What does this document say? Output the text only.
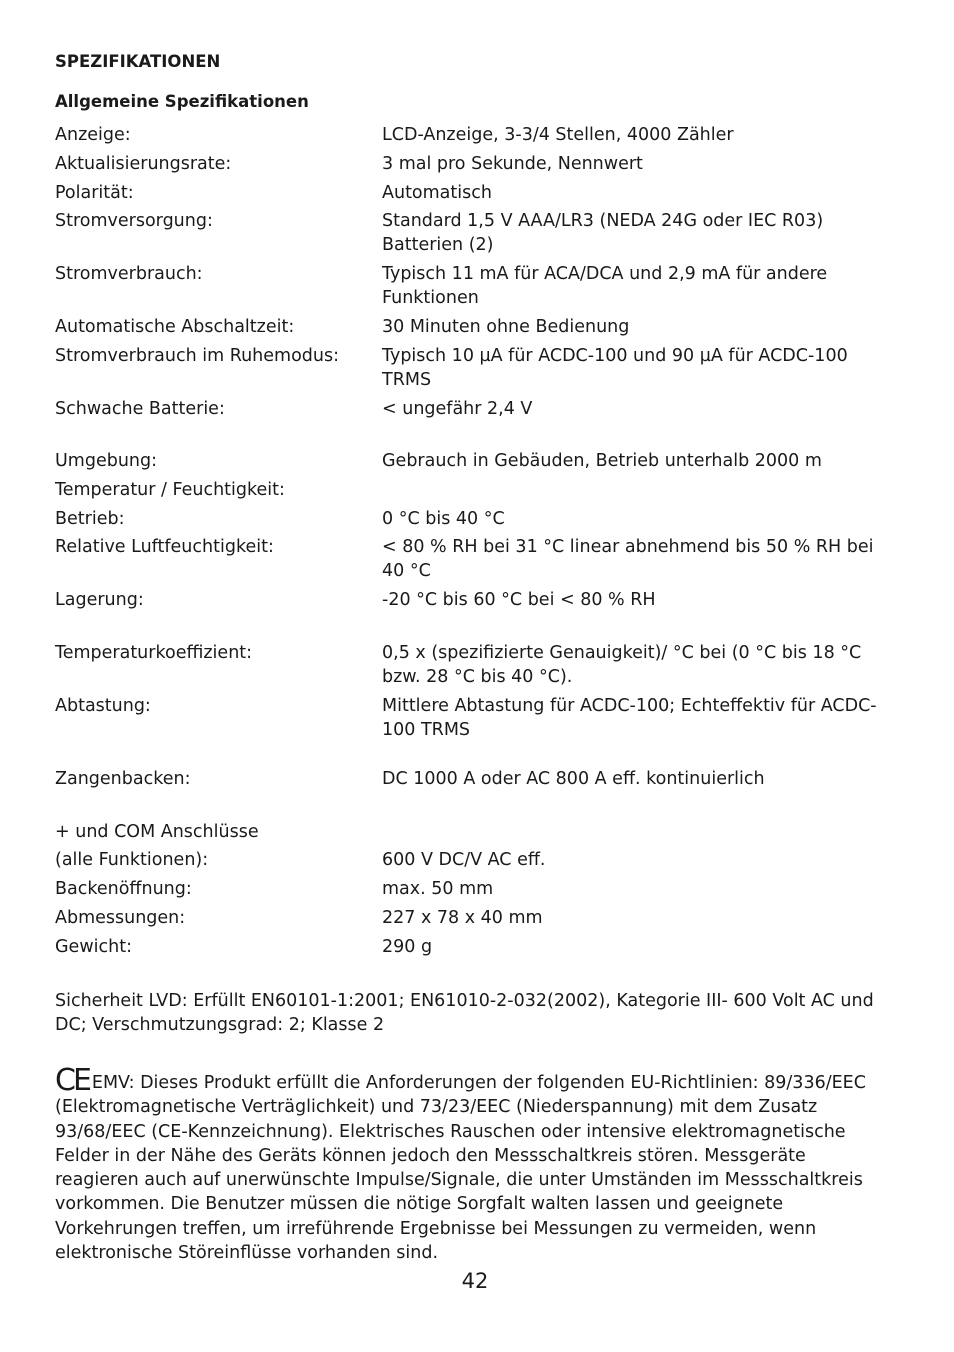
SPEZIFIKATIONEN
Allgemeine Spezifikationen
Anzeige:	LCD-Anzeige, 3-3/4 Stellen, 4000 Zähler
Aktualisierungsrate:	3 mal pro Sekunde, Nennwert
Polarität:	Automatisch
Stromversorgung:	Standard 1,5 V AAA/LR3 (NEDA 24G oder IEC R03) Batterien (2)
Stromverbrauch:	Typisch 11 mA für ACA/DCA und 2,9 mA für andere Funktionen
Automatische Abschaltzeit:	30 Minuten ohne Bedienung
Stromverbrauch im Ruhemodus:	Typisch 10 µA für ACDC-100 und 90 µA für ACDC-100 TRMS
Schwache Batterie:	< ungefähr 2,4 V
Umgebung:	Gebrauch in Gebäuden, Betrieb unterhalb 2000 m
Temperatur / Feuchtigkeit:
Betrieb:	0 °C bis 40 °C
Relative Luftfeuchtigkeit:	< 80 % RH bei 31 °C linear abnehmend bis 50 % RH bei 40 °C
Lagerung:	-20 °C bis 60 °C bei < 80 % RH
Temperaturkoeffizient:	0,5 x (spezifizierte Genauigkeit)/ °C bei (0 °C bis 18 °C bzw. 28 °C bis 40 °C).
Abtastung:	Mittlere Abtastung für ACDC-100; Echteffektiv für ACDC-100 TRMS
Zangenbacken:	DC 1000 A oder AC 800 A eff. kontinuierlich
+ und COM Anschlüsse
(alle Funktionen):	600 V DC/V AC eff.
Backenöffnung:	max. 50 mm
Abmessungen:	227 x 78 x 40 mm
Gewicht:	290 g
Sicherheit LVD: Erfüllt EN60101-1:2001; EN61010-2-032(2002), Kategorie III- 600 Volt AC und DC; Verschmutzungsgrad: 2; Klasse 2
CE EMV: Dieses Produkt erfüllt die Anforderungen der folgenden EU-Richtlinien: 89/336/EEC (Elektromagnetische Verträglichkeit) und 73/23/EEC (Niederspannung) mit dem Zusatz 93/68/EEC (CE-Kennzeichnung). Elektrisches Rauschen oder intensive elektromagnetische Felder in der Nähe des Geräts können jedoch den Messschaltkreis stören. Messgeräte reagieren auch auf unerwünschte Impulse/Signale, die unter Umständen im Messschaltkreis vorkommen. Die Benutzer müssen die nötige Sorgfalt walten lassen und geeignete Vorkehrungen treffen, um irreführende Ergebnisse bei Messungen zu vermeiden, wenn elektronische Störeinflüsse vorhanden sind.
42
